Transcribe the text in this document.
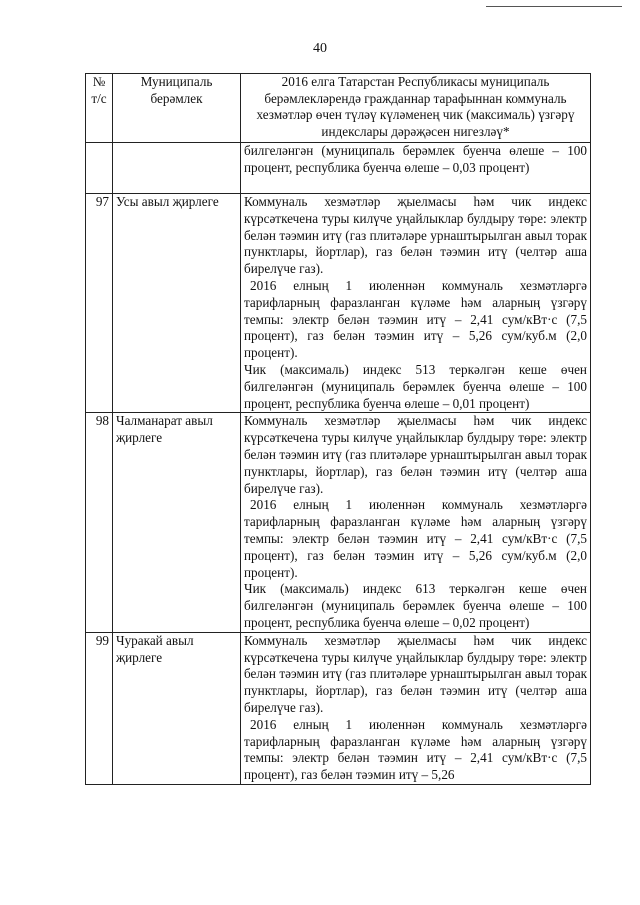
40
№ т/с	Муниципаль берәмлек	2016 елга Татарстан Республикасы муниципаль берәмлекләрендә гражданнар тарафыннан коммуналь хезмәтләр өчен түләү күләменең чик (максималь) үзгәрү индекслары дәрәҗәсен нигезләү*

		билгеләнгән (муниципаль берәмлек буенча өлеше – 100 процент, республика буенча өлеше – 0,03 процент)

97	Усы авыл җирлеге	Коммуналь хезмәтләр җыелмасы һәм чик индекс күрсәткечена туры килүче уңайлыклар булдыру төре: электр белән тәэмин итү (газ плитәләре урнаштырылган авыл торак пунктлары, йортлар), газ белән тәэмин итү (челтәр аша бирелүче газ).
2016 елның 1 июленнән коммуналь хезмәтләргә тарифларның фаразланган күләме һәм аларның үзгәрү темпы: электр белән тәэмин итү – 2,41 сум/кВт·с (7,5 процент), газ белән тәэмин итү – 5,26 сум/куб.м (2,0 процент).
Чик (максималь) индекс 513 теркәлгән кеше өчен билгеләнгән (муниципаль берәмлек буенча өлеше – 100 процент, республика буенча өлеше – 0,01 процент)

98	Чалманарат авыл җирлеге	Коммуналь хезмәтләр җыелмасы һәм чик индекс күрсәткечена туры килүче уңайлыклар булдыру төре: электр белән тәэмин итү (газ плитәләре урнаштырылган авыл торак пунктлары, йортлар), газ белән тәэмин итү (челтәр аша бирелүче газ).
2016 елның 1 июленнән коммуналь хезмәтләргә тарифларның фаразланган күләме һәм аларның үзгәрү темпы: электр белән тәэмин итү – 2,41 сум/кВт·с (7,5 процент), газ белән тәэмин итү – 5,26 сум/куб.м (2,0 процент).
Чик (максималь) индекс 613 теркәлгән кеше өчен билгеләнгән (муниципаль берәмлек буенча өлеше – 100 процент, республика буенча өлеше – 0,02 процент)

99	Чуракай авыл җирлеге	Коммуналь хезмәтләр җыелмасы һәм чик индекс күрсәткечена туры килүче уңайлыклар булдыру төре: электр белән тәэмин итү (газ плитәләре урнаштырылган авыл торак пунктлары, йортлар), газ белән тәэмин итү (челтәр аша бирелүче газ).
2016 елның 1 июленнән коммуналь хезмәтләргә тарифларның фаразланган күләме һәм аларның үзгәрү темпы: электр белән тәэмин итү – 2,41 сум/кВт·с (7,5 процент), газ белән тәэмин итү – 5,26
